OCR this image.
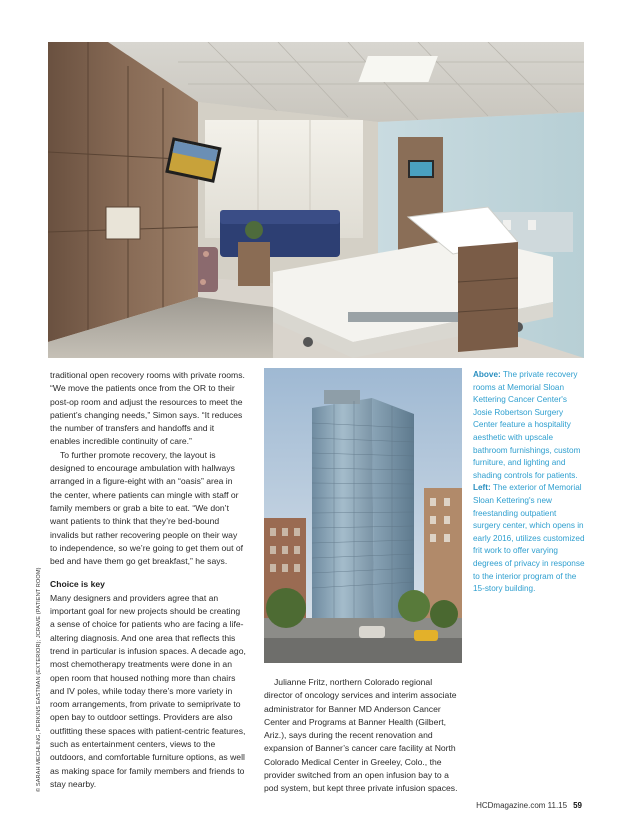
traditional open recovery rooms with private rooms. “We move the patients once from the OR to their post-op room and adjust the resources to meet the patient’s changing needs,” Simon says. “It reduces the number of transfers and handoffs and it enables incredible continuity of care.”

To further promote recovery, the layout is designed to encourage ambulation with hallways arranged in a figure-eight with an “oasis” area in the center, where patients can mingle with staff or family members or grab a bite to eat. “We don’t want patients to think that they’re bed-bound invalids but rather recovering people on their way to independence, so we’re going to get them out of bed and have them go get breakfast,” he says.

Choice is key

Many designers and providers agree that an important goal for new projects should be creating a sense of choice for patients who are facing a life-altering diagnosis. And one area that reflects this trend in particular is infusion spaces. A decade ago, most chemotherapy treatments were done in an open room that housed nothing more than chairs and IV poles, while today there’s more variety in room arrangements, from private to semiprivate to open bay to outdoor settings. Providers are also outfitting these spaces with patient-centric features, such as entertainment centers, views to the outdoors, and comfortable furniture options, as well as making space for family members and friends to stay nearby.

Above: The private recovery rooms at Memorial Sloan Kettering Cancer Center's Josie Robertson Surgery Center feature a hospitality aesthetic with upscale bathroom furnishings, custom furniture, and lighting and shading controls for patients. Left: The exterior of Memorial Sloan Kettering's new freestanding outpatient surgery center, which opens in early 2016, utilizes customized frit work to offer varying degrees of privacy in response to the interior program of the 15-story building.

Julianne Fritz, northern Colorado regional director of oncology services and interim associate administrator for Banner MD Anderson Cancer Center and Programs at Banner Health (Gilbert, Ariz.), says during the recent renovation and expansion of Banner’s cancer care facility at North Colorado Medical Center in Greeley, Colo., the provider switched from an open infusion bay to a pod system, but kept three private infusion spaces.

© SARAH MECHLING, PERKINS EASTMAN (EXTERIOR); JCRAVE (PATIENT ROOM)
HCDmagazine.com 11.15 59
